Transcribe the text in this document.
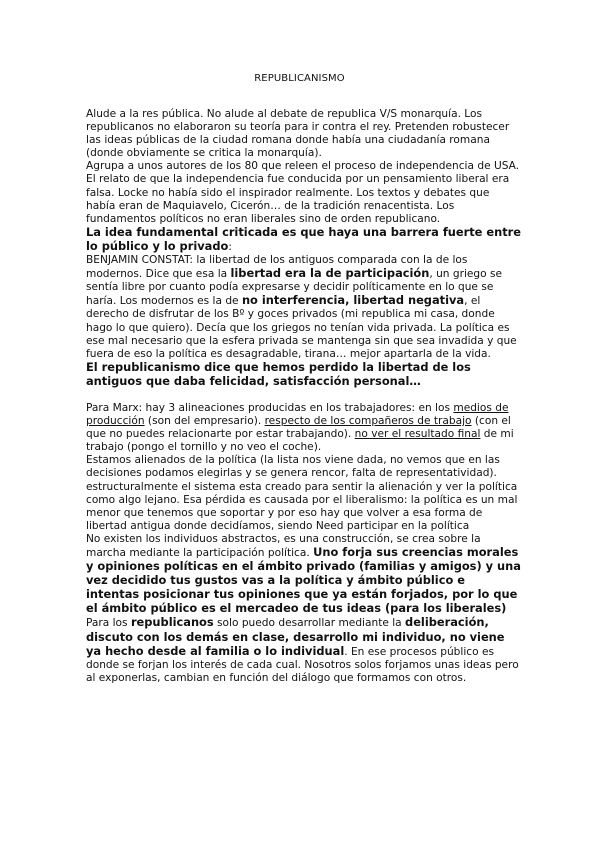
REPUBLICANISMO

Alude a la res pública. No alude al debate de republica V/S monarquía. Los republicanos no elaboraron su teoría para ir contra el rey. Pretenden robustecer las ideas públicas de la ciudad romana donde había una ciudadanía romana (donde obviamente se critica la monarquía).

Agrupa a unos autores de los 80 que releen el proceso de independencia de USA. El relato de que la independencia fue conducida por un pensamiento liberal era falsa. Locke no había sido el inspirador realmente. Los textos y debates que había eran de Maquiavelo, Cicerón… de la tradición renacentista. Los fundamentos políticos no eran liberales sino de orden republicano.

La idea fundamental criticada es que haya una barrera fuerte entre lo público y lo privado:

BENJAMIN CONSTAT: la libertad de los antiguos comparada con la de los modernos. Dice que esa la libertad era la de participación, un griego se sentía libre por cuanto podía expresarse y decidir políticamente en lo que se haría. Los modernos es la de no interferencia, libertad negativa, el derecho de disfrutar de los Bº y goces privados (mi republica mi casa, donde hago lo que quiero). Decía que los griegos no tenían vida privada. La política es ese mal necesario que la esfera privada se mantenga sin que sea invadida y que fuera de eso la política es desagradable, tirana… mejor apartarla de la vida.

El republicanismo dice que hemos perdido la libertad de los antiguos que daba felicidad, satisfacción personal…

Para Marx: hay 3 alineaciones producidas en los trabajadores: en los medios de producción (son del empresario). respecto de los compañeros de trabajo (con el que no puedes relacionarte por estar trabajando). no ver el resultado final de mi trabajo (pongo el tornillo y no veo el coche).

Estamos alienados de la política (la lista nos viene dada, no vemos que en las decisiones podamos elegirlas y se genera rencor, falta de representatividad). estructuralmente el sistema esta creado para sentir la alienación y ver la política como algo lejano. Esa pérdida es causada por el liberalismo: la política es un mal menor que tenemos que soportar y por eso hay que volver a esa forma de libertad antigua donde decidíamos, siendo Need participar en la política

No existen los individuos abstractos, es una construcción, se crea sobre la marcha mediante la participación política. Uno forja sus creencias morales y opiniones políticas en el ámbito privado (familias y amigos) y una vez decidido tus gustos vas a la política y ámbito público e intentas posicionar tus opiniones que ya están forjados, por lo que el ámbito público es el mercadeo de tus ideas (para los liberales)

Para los republicanos solo puedo desarrollar mediante la deliberación, discuto con los demás en clase, desarrollo mi individuo, no viene ya hecho desde al familia o lo individual. En ese procesos público es donde se forjan los interés de cada cual. Nosotros solos forjamos unas ideas pero al exponerlas, cambian en función del diálogo que formamos con otros.
